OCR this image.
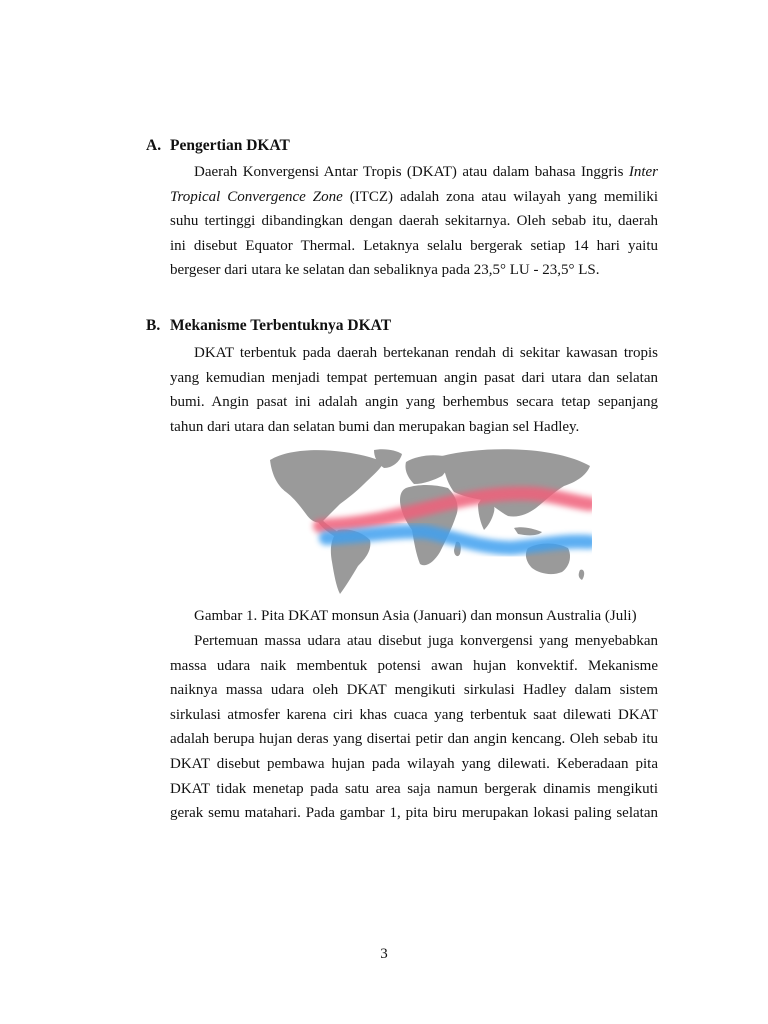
A. Pengertian DKAT
Daerah Konvergensi Antar Tropis (DKAT) atau dalam bahasa Inggris Inter
Tropical Convergence Zone (ITCZ) adalah zona atau wilayah yang memiliki
suhu tertinggi dibandingkan dengan daerah sekitarnya. Oleh sebab itu, daerah
ini disebut Equator Thermal. Letaknya selalu bergerak setiap 14 hari yaitu
bergeser dari utara ke selatan dan sebaliknya pada 23,5° LU - 23,5° LS.
B. Mekanisme Terbentuknya DKAT
DKAT terbentuk pada daerah bertekanan rendah di sekitar kawasan tropis
yang kemudian menjadi tempat pertemuan angin pasat dari utara dan selatan
bumi. Angin pasat ini adalah angin yang berhembus secara tetap sepanjang
tahun dari utara dan selatan bumi dan merupakan bagian sel Hadley.
July ITCZ
January ITCZ
Gambar 1. Pita DKAT monsun Asia (Januari) dan monsun Australia (Juli)
Pertemuan massa udara atau disebut juga konvergensi yang menyebabkan
massa udara naik membentuk potensi awan hujan konvektif. Mekanisme
naiknya massa udara oleh DKAT mengikuti sirkulasi Hadley dalam sistem
sirkulasi atmosfer karena ciri khas cuaca yang terbentuk saat dilewati DKAT
adalah berupa hujan deras yang disertai petir dan angin kencang. Oleh sebab itu
DKAT disebut pembawa hujan pada wilayah yang dilewati. Keberadaan pita
DKAT tidak menetap pada satu area saja namun bergerak dinamis mengikuti
gerak semu matahari. Pada gambar 1, pita biru merupakan lokasi paling selatan
3
